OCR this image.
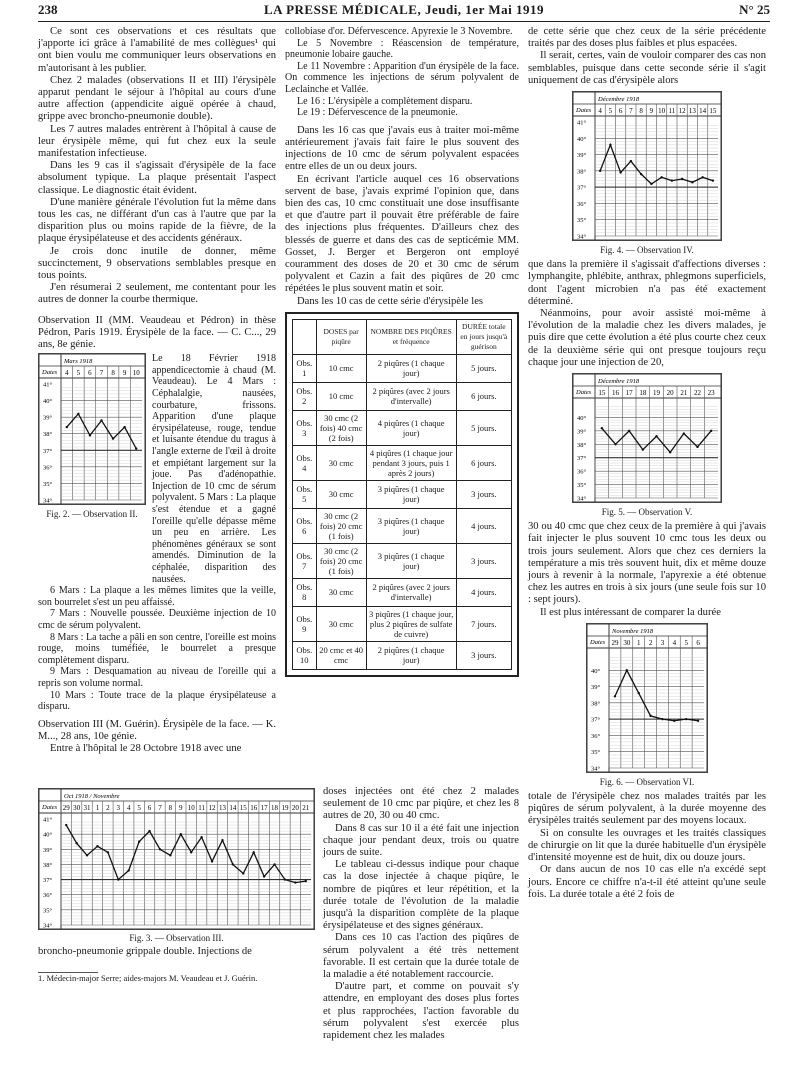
238	LA PRESSE MÉDICALE, Jeudi, 1er Mai 1919	N° 25

Ce sont ces observations et ces résultats que j'apporte ici grâce à l'amabilité de mes collègues¹ qui ont bien voulu me communiquer leurs observations en m'autorisant à les publier.

Chez 2 malades (observations II et III) l'érysipèle apparut pendant le séjour à l'hôpital au cours d'une autre affection (appendicite aiguë opérée à chaud, grippe avec broncho-pneumonie double).

Les 7 autres malades entrèrent à l'hôpital à cause de leur érysipèle même, qui fut chez eux la seule manifestation infectieuse.

Dans les 9 cas il s'agissait d'érysipèle de la face absolument typique. La plaque présentait l'aspect classique. Le diagnostic était évident.

D'une manière générale l'évolution fut la même dans tous les cas, ne différant d'un cas à l'autre que par la disparition plus ou moins rapide de la fièvre, de la plaque érysipélateuse et des accidents généraux.

Je crois donc inutile de donner, même succinctement, 9 observations semblables presque en tous points.

J'en résumerai 2 seulement, me contentant pour les autres de donner la courbe thermique.

Observation II (MM. Veaudeau et Pédron) in thèse Pédron, Paris 1919. Érysipèle de la face. — C. C..., 29 ans, 8e génie.

Dates
Mars 1918
4 5 6 7 8 9 10
41°
40°
39°
38°
37°
36°
35°
34°
Fig. 2. — Observation II.
Le 18 Février 1918 appendicectomie à chaud (M. Veaudeau). Le 4 Mars : Céphalalgie, nausées, courbature, frissons. Apparition d'une plaque érysipélateuse, rouge, tendue et luisante étendue du tragus à l'angle externe de l'œil à droite et empiétant largement sur la joue. Pas d'adénopathie. Injection de 10 cmc de sérum polyvalent. 5 Mars : La plaque s'est étendue et a gagné l'oreille qu'elle dépasse même un peu en arrière. Les phénomènes généraux se sont amendés. Diminution de la céphalée, disparition des nausées.

6 Mars : La plaque a les mêmes limites que la veille, son bourrelet s'est un peu affaissé.

7 Mars : Nouvelle poussée. Deuxième injection de 10 cmc de sérum polyvalent.

8 Mars : La tache a pâli en son centre, l'oreille est moins rouge, moins tuméfiée, le bourrelet a presque complètement disparu.

9 Mars : Desquamation au niveau de l'oreille qui a repris son volume normal.

10 Mars : Toute trace de la plaque érysipélateuse a disparu.

Observation III (M. Guérin). Érysipèle de la face. — K. M..., 28 ans, 10e génie.

Entre à l'hôpital le 28 Octobre 1918 avec une

collobiase d'or. Défervescence. Apyrexie le 3 Novembre.

Le 5 Novembre : Réascension de température, pneumonie lobaire gauche.

Le 11 Novembre : Apparition d'un érysipèle de la face. On commence les injections de sérum polyvalent de Leclainche et Vallée.

Le 16 : L'érysipèle a complètement disparu.

Le 19 : Défervescence de la pneumonie.

Dans les 16 cas que j'avais eus à traiter moi-même antérieurement j'avais fait faire le plus souvent des injections de 10 cmc de sérum polyvalent espacées entre elles de un ou deux jours.

En écrivant l'article auquel ces 16 observations servent de base, j'avais exprimé l'opinion que, dans bien des cas, 10 cmc constituait une dose insuffisante et que d'autre part il pouvait être préférable de faire des injections plus fréquentes. D'ailleurs chez des blessés de guerre et dans des cas de septicémie MM. Gosset, J. Berger et Bergeron ont employé couramment des doses de 20 et 30 cmc de sérum polyvalent et Cazin a fait des piqûres de 20 cmc répétées le plus souvent matin et soir.

Dans les 10 cas de cette série d'érysipèle les

	DOSES par piqûre	NOMBRE DES PIQÛRES et fréquence	DURÉE totale en jours jusqu'à guérison
Obs. 1	10 cmc	2 piqûres (1 chaque jour)	5 jours.
Obs. 2	10 cmc	2 piqûres (avec 2 jours d'intervalle)	6 jours.
Obs. 3	30 cmc (2 fois) 40 cmc (2 fois)	4 piqûres (1 chaque jour)	5 jours.
Obs. 4	30 cmc	4 piqûres (1 chaque jour pendant 3 jours, puis 1 après 2 jours)	6 jours.
Obs. 5	30 cmc	3 piqûres (1 chaque jour)	3 jours.
Obs. 6	30 cmc (2 fois) 20 cmc (1 fois)	3 piqûres (1 chaque jour)	4 jours.
Obs. 7	30 cmc (2 fois) 20 cmc (1 fois)	3 piqûres (1 chaque jour)	3 jours.
Obs. 8	30 cmc	2 piqûres (avec 2 jours d'intervalle)	4 jours.
Obs. 9	30 cmc	3 piqûres (1 chaque jour, plus 2 piqûres de sulfate de cuivre)	7 jours.
Obs. 10	20 cmc et 40 cmc	2 piqûres (1 chaque jour)	3 jours.

de cette série que chez ceux de la série précédente traités par des doses plus faibles et plus espacées.

Il serait, certes, vain de vouloir comparer des cas non semblables, puisque dans cette seconde série il s'agit uniquement de cas d'érysipèle alors

Dates
Décembre 1918
4 5 6 7 8 9 10 11 12 13 14 15
41°
40°
39°
38°
37°
36°
35°
34°
Fig. 4. — Observation IV.

que dans la première il s'agissait d'affections diverses : lymphangite, phlébite, anthrax, phlegmons superficiels, dont l'agent microbien n'a pas été exactement déterminé.

Néanmoins, pour avoir assisté moi-même à l'évolution de la maladie chez les divers malades, je puis dire que cette évolution a été plus courte chez ceux de la deuxième série qui ont presque toujours reçu chaque jour une injection de 20,

Dates
Décembre 1918
15 16 17 18 19 20 21 22 23
40°
39°
38°
37°
36°
35°
34°
Fig. 5. — Observation V.

30 ou 40 cmc que chez ceux de la première à qui j'avais fait injecter le plus souvent 10 cmc tous les deux ou trois jours seulement. Alors que chez ces derniers la température a mis très souvent huit, dix et même douze jours à revenir à la normale, l'apyrexie a été obtenue chez les autres en trois à six jours (une seule fois sur 10 : sept jours).

Il est plus intéressant de comparer la durée

Dates
Novembre 1918
29 30 1 2 3 4 5 6
40°
39°
38°
37°
36°
35°
34°
Fig. 6. — Observation VI.

totale de l'érysipèle chez nos malades traités par les piqûres de sérum polyvalent, à la durée moyenne des érysipèles traités seulement par des moyens locaux.

Si on consulte les ouvrages et les traités classiques de chirurgie on lit que la durée habituelle d'un érysipèle d'intensité moyenne est de huit, dix ou douze jours.

Or dans aucun de nos 10 cas elle n'a excédé sept jours. Encore ce chiffre n'a-t-il été atteint qu'une seule fois. La durée totale a été 2 fois de

Dates
Oct 1918 / Novembre
29 30 31 1 2 3 4 5 6 7 8 9 10 11 12 13 14 15 16 17 18 19 20 21
41°
40°
39°
38°
37°
36°
35°
34°
Fig. 3. — Observation III.
broncho-pneumonie grippale double. Injections de
1. Médecin-major Serre; aides-majors M. Veaudeau et J. Guérin.

doses injectées ont été chez 2 malades seulement de 10 cmc par piqûre, et chez les 8 autres de 20, 30 ou 40 cmc.

Dans 8 cas sur 10 il a été fait une injection chaque jour pendant deux, trois ou quatre jours de suite.

Le tableau ci-dessus indique pour chaque cas la dose injectée à chaque piqûre, le nombre de piqûres et leur répétition, et la durée totale de l'évolution de la maladie jusqu'à la disparition complète de la plaque érysipélateuse et des signes généraux.

Dans ces 10 cas l'action des piqûres de sérum polyvalent a été très nettement favorable. Il est certain que la durée totale de la maladie a été notablement raccourcie.

D'autre part, et comme on pouvait s'y attendre, en employant des doses plus fortes et plus rapprochées, l'action favorable du sérum polyvalent s'est exercée plus rapidement chez les malades
